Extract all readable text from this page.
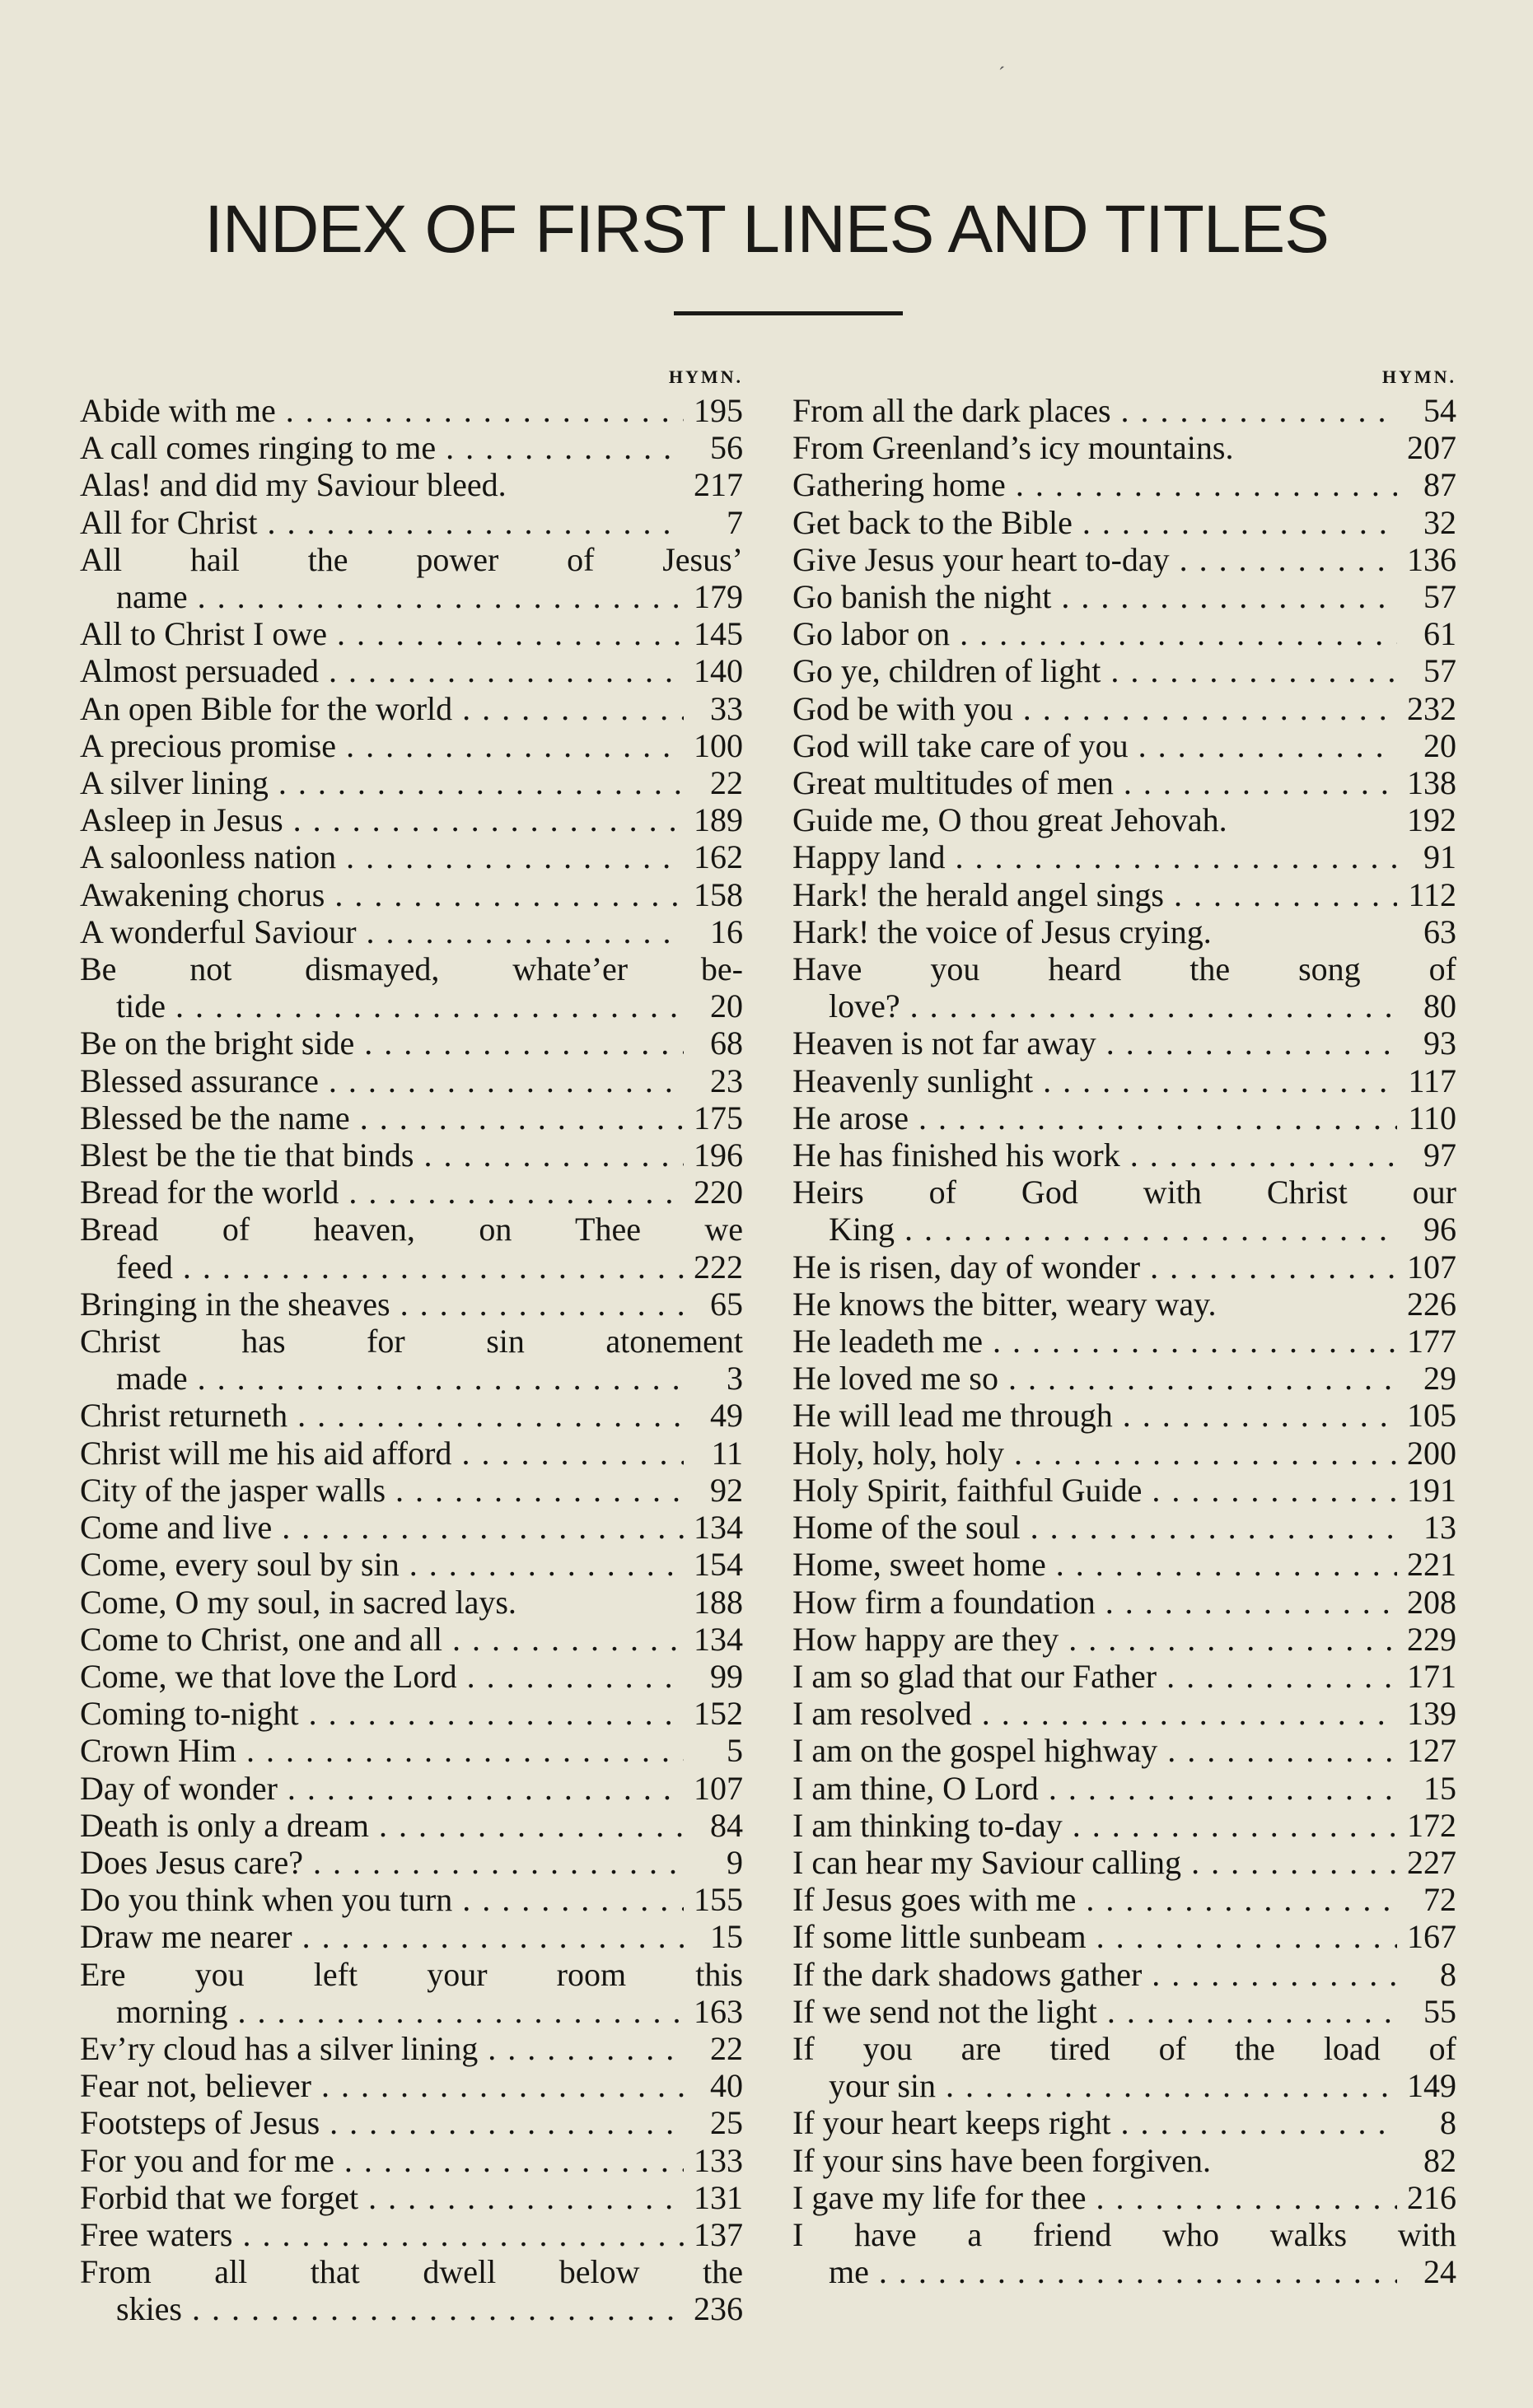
´
INDEX OF FIRST LINES AND TITLES
HYMN.
Abide with me . . .	195
A call comes ringing to me . . .	56
Alas! and did my Saviour bleed.	217
All for Christ . . .	7
All hail the power of Jesus’
name . . .	179
All to Christ I owe . . .	145
Almost persuaded . . .	140
An open Bible for the world . . .	33
A precious promise . . .	100
A silver lining . . .	22
Asleep in Jesus . . .	189
A saloonless nation . . .	162
Awakening chorus . . .	158
A wonderful Saviour . . .	16
Be not dismayed, whate’er be-
tide . . .	20
Be on the bright side . . .	68
Blessed assurance . . .	23
Blessed be the name . . .	175
Blest be the tie that binds . . .	196
Bread for the world . . .	220
Bread of heaven, on Thee we
feed . . .	222
Bringing in the sheaves . . .	65
Christ has for sin atonement
made . . .	3
Christ returneth . . .	49
Christ will me his aid afford . . .	11
City of the jasper walls . . .	92
Come and live . . .	134
Come, every soul by sin . . .	154
Come, O my soul, in sacred lays.	188
Come to Christ, one and all . . .	134
Come, we that love the Lord . . .	99
Coming to-night . . .	152
Crown Him . . .	5
Day of wonder . . .	107
Death is only a dream . . .	84
Does Jesus care? . . .	9
Do you think when you turn . . .	155
Draw me nearer . . .	15
Ere you left your room this
morning . . .	163
Ev’ry cloud has a silver lining . . .	22
Fear not, believer . . .	40
Footsteps of Jesus . . .	25
For you and for me . . .	133
Forbid that we forget . . .	131
Free waters . . .	137
From all that dwell below the
skies . . .	236
HYMN.
From all the dark places . . .	54
From Greenland’s icy mountains.	207
Gathering home . . .	87
Get back to the Bible . . .	32
Give Jesus your heart to-day . . .	136
Go banish the night . . .	57
Go labor on . . .	61
Go ye, children of light . . .	57
God be with you . . .	232
God will take care of you . . .	20
Great multitudes of men . . .	138
Guide me, O thou great Jehovah.	192
Happy land . . .	91
Hark! the herald angel sings . . .	112
Hark! the voice of Jesus crying.	63
Have you heard the song of
love? . . .	80
Heaven is not far away . . .	93
Heavenly sunlight . . .	117
He arose . . .	110
He has finished his work . . .	97
Heirs of God with Christ our
King . . .	96
He is risen, day of wonder . . .	107
He knows the bitter, weary way.	226
He leadeth me . . .	177
He loved me so . . .	29
He will lead me through . . .	105
Holy, holy, holy . . .	200
Holy Spirit, faithful Guide . . .	191
Home of the soul . . .	13
Home, sweet home . . .	221
How firm a foundation . . .	208
How happy are they . . .	229
I am so glad that our Father . . .	171
I am resolved . . .	139
I am on the gospel highway . . .	127
I am thine, O Lord . . .	15
I am thinking to-day . . .	172
I can hear my Saviour calling . . .	227
If Jesus goes with me . . .	72
If some little sunbeam . . .	167
If the dark shadows gather . . .	8
If we send not the light . . .	55
If you are tired of the load of
your sin . . .	149
If your heart keeps right . . .	8
If your sins have been forgiven.	82
I gave my life for thee . . .	216
I have a friend who walks with
me . . .	24
